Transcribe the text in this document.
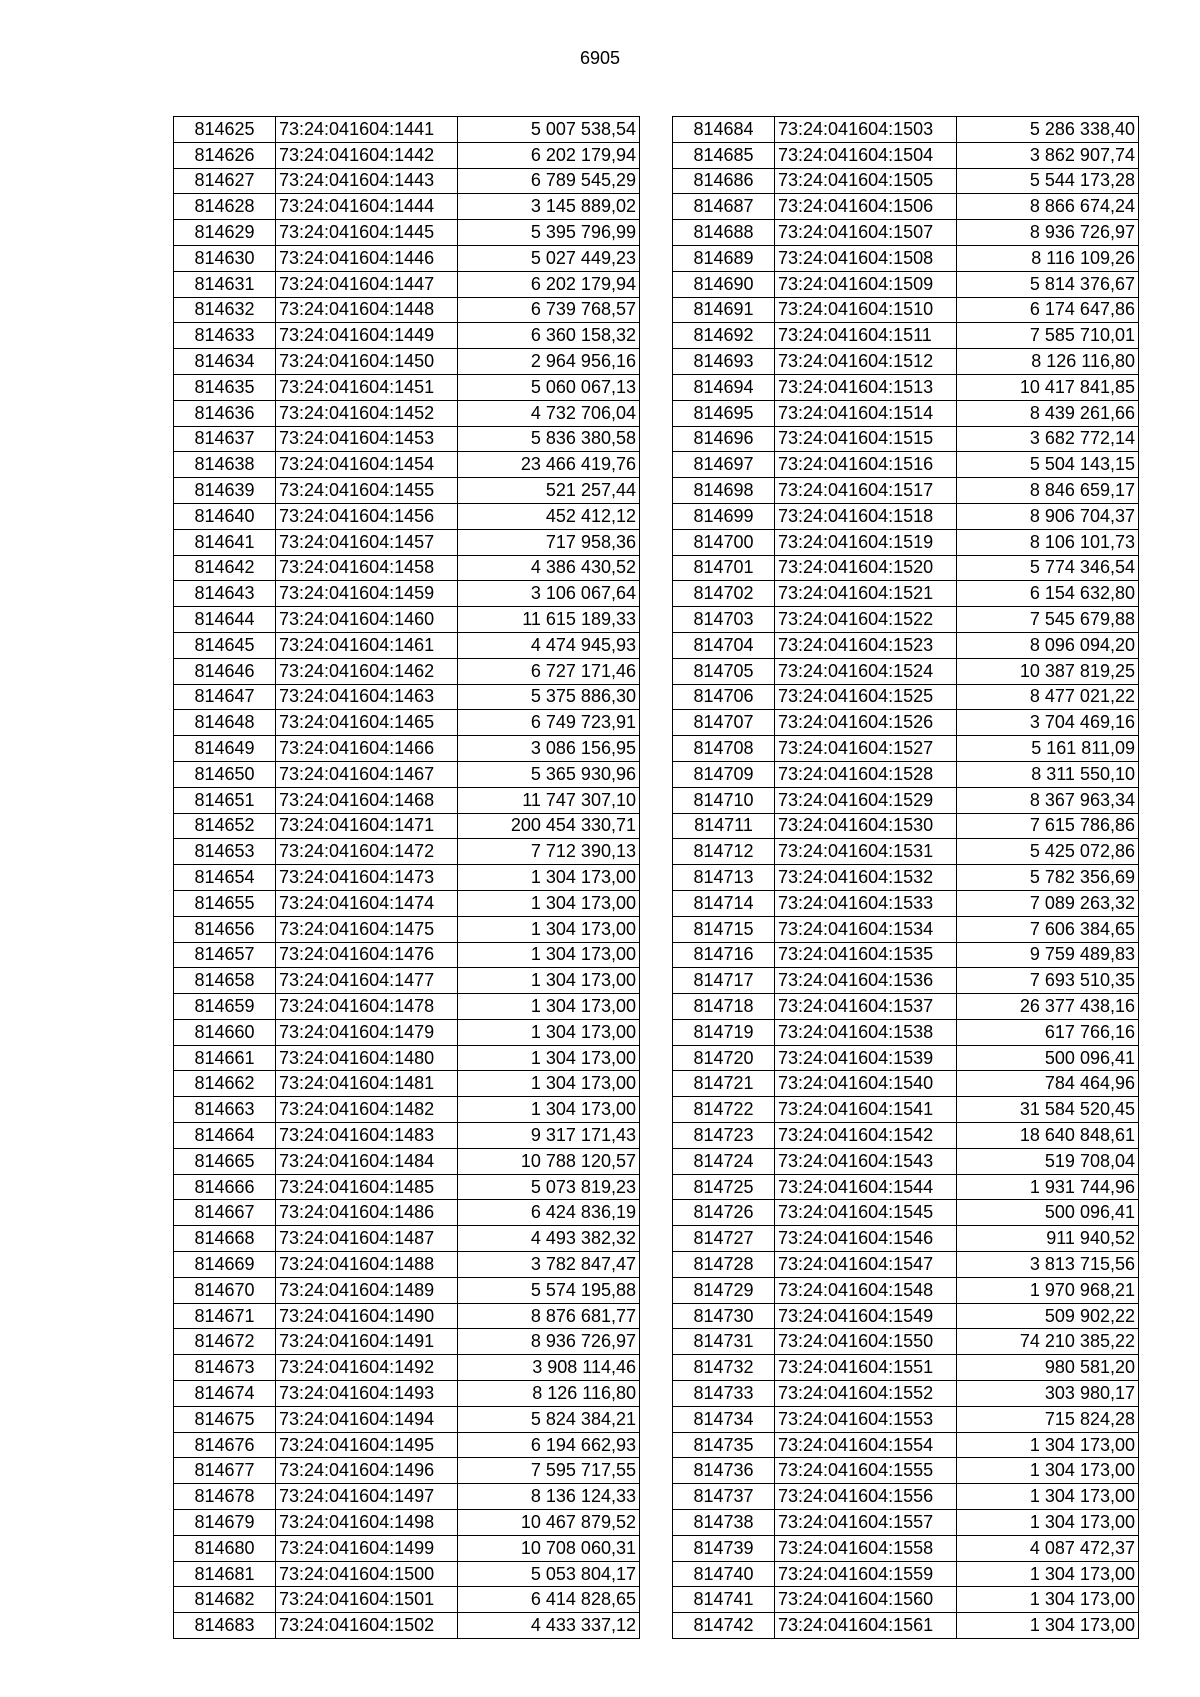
6905
814625	73:24:041604:1441	5 007 538,54
814626	73:24:041604:1442	6 202 179,94
814627	73:24:041604:1443	6 789 545,29
814628	73:24:041604:1444	3 145 889,02
814629	73:24:041604:1445	5 395 796,99
814630	73:24:041604:1446	5 027 449,23
814631	73:24:041604:1447	6 202 179,94
814632	73:24:041604:1448	6 739 768,57
814633	73:24:041604:1449	6 360 158,32
814634	73:24:041604:1450	2 964 956,16
814635	73:24:041604:1451	5 060 067,13
814636	73:24:041604:1452	4 732 706,04
814637	73:24:041604:1453	5 836 380,58
814638	73:24:041604:1454	23 466 419,76
814639	73:24:041604:1455	521 257,44
814640	73:24:041604:1456	452 412,12
814641	73:24:041604:1457	717 958,36
814642	73:24:041604:1458	4 386 430,52
814643	73:24:041604:1459	3 106 067,64
814644	73:24:041604:1460	11 615 189,33
814645	73:24:041604:1461	4 474 945,93
814646	73:24:041604:1462	6 727 171,46
814647	73:24:041604:1463	5 375 886,30
814648	73:24:041604:1465	6 749 723,91
814649	73:24:041604:1466	3 086 156,95
814650	73:24:041604:1467	5 365 930,96
814651	73:24:041604:1468	11 747 307,10
814652	73:24:041604:1471	200 454 330,71
814653	73:24:041604:1472	7 712 390,13
814654	73:24:041604:1473	1 304 173,00
814655	73:24:041604:1474	1 304 173,00
814656	73:24:041604:1475	1 304 173,00
814657	73:24:041604:1476	1 304 173,00
814658	73:24:041604:1477	1 304 173,00
814659	73:24:041604:1478	1 304 173,00
814660	73:24:041604:1479	1 304 173,00
814661	73:24:041604:1480	1 304 173,00
814662	73:24:041604:1481	1 304 173,00
814663	73:24:041604:1482	1 304 173,00
814664	73:24:041604:1483	9 317 171,43
814665	73:24:041604:1484	10 788 120,57
814666	73:24:041604:1485	5 073 819,23
814667	73:24:041604:1486	6 424 836,19
814668	73:24:041604:1487	4 493 382,32
814669	73:24:041604:1488	3 782 847,47
814670	73:24:041604:1489	5 574 195,88
814671	73:24:041604:1490	8 876 681,77
814672	73:24:041604:1491	8 936 726,97
814673	73:24:041604:1492	3 908 114,46
814674	73:24:041604:1493	8 126 116,80
814675	73:24:041604:1494	5 824 384,21
814676	73:24:041604:1495	6 194 662,93
814677	73:24:041604:1496	7 595 717,55
814678	73:24:041604:1497	8 136 124,33
814679	73:24:041604:1498	10 467 879,52
814680	73:24:041604:1499	10 708 060,31
814681	73:24:041604:1500	5 053 804,17
814682	73:24:041604:1501	6 414 828,65
814683	73:24:041604:1502	4 433 337,12
814684	73:24:041604:1503	5 286 338,40
814685	73:24:041604:1504	3 862 907,74
814686	73:24:041604:1505	5 544 173,28
814687	73:24:041604:1506	8 866 674,24
814688	73:24:041604:1507	8 936 726,97
814689	73:24:041604:1508	8 116 109,26
814690	73:24:041604:1509	5 814 376,67
814691	73:24:041604:1510	6 174 647,86
814692	73:24:041604:1511	7 585 710,01
814693	73:24:041604:1512	8 126 116,80
814694	73:24:041604:1513	10 417 841,85
814695	73:24:041604:1514	8 439 261,66
814696	73:24:041604:1515	3 682 772,14
814697	73:24:041604:1516	5 504 143,15
814698	73:24:041604:1517	8 846 659,17
814699	73:24:041604:1518	8 906 704,37
814700	73:24:041604:1519	8 106 101,73
814701	73:24:041604:1520	5 774 346,54
814702	73:24:041604:1521	6 154 632,80
814703	73:24:041604:1522	7 545 679,88
814704	73:24:041604:1523	8 096 094,20
814705	73:24:041604:1524	10 387 819,25
814706	73:24:041604:1525	8 477 021,22
814707	73:24:041604:1526	3 704 469,16
814708	73:24:041604:1527	5 161 811,09
814709	73:24:041604:1528	8 311 550,10
814710	73:24:041604:1529	8 367 963,34
814711	73:24:041604:1530	7 615 786,86
814712	73:24:041604:1531	5 425 072,86
814713	73:24:041604:1532	5 782 356,69
814714	73:24:041604:1533	7 089 263,32
814715	73:24:041604:1534	7 606 384,65
814716	73:24:041604:1535	9 759 489,83
814717	73:24:041604:1536	7 693 510,35
814718	73:24:041604:1537	26 377 438,16
814719	73:24:041604:1538	617 766,16
814720	73:24:041604:1539	500 096,41
814721	73:24:041604:1540	784 464,96
814722	73:24:041604:1541	31 584 520,45
814723	73:24:041604:1542	18 640 848,61
814724	73:24:041604:1543	519 708,04
814725	73:24:041604:1544	1 931 744,96
814726	73:24:041604:1545	500 096,41
814727	73:24:041604:1546	911 940,52
814728	73:24:041604:1547	3 813 715,56
814729	73:24:041604:1548	1 970 968,21
814730	73:24:041604:1549	509 902,22
814731	73:24:041604:1550	74 210 385,22
814732	73:24:041604:1551	980 581,20
814733	73:24:041604:1552	303 980,17
814734	73:24:041604:1553	715 824,28
814735	73:24:041604:1554	1 304 173,00
814736	73:24:041604:1555	1 304 173,00
814737	73:24:041604:1556	1 304 173,00
814738	73:24:041604:1557	1 304 173,00
814739	73:24:041604:1558	4 087 472,37
814740	73:24:041604:1559	1 304 173,00
814741	73:24:041604:1560	1 304 173,00
814742	73:24:041604:1561	1 304 173,00
